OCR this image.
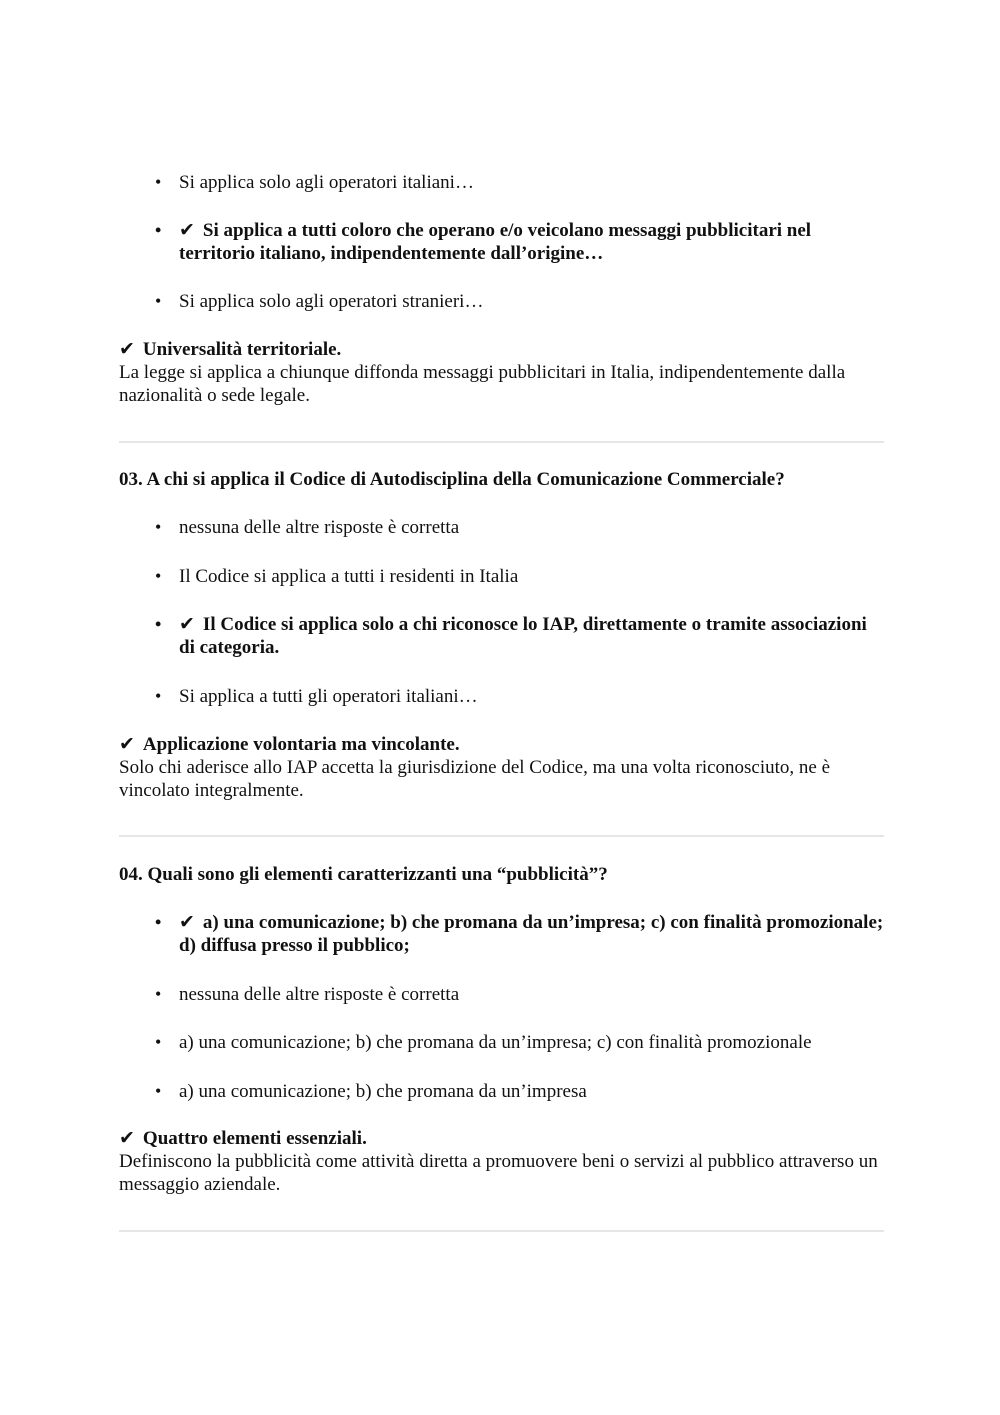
• Si applica solo agli operatori italiani…
• ✔ Si applica a tutti coloro che operano e/o veicolano messaggi pubblicitari nel territorio italiano, indipendentemente dall’origine…
• Si applica solo agli operatori stranieri…
✔ Universalità territoriale.
La legge si applica a chiunque diffonda messaggi pubblicitari in Italia, indipendentemente dalla nazionalità o sede legale.
03. A chi si applica il Codice di Autodisciplina della Comunicazione Commerciale?
• nessuna delle altre risposte è corretta
• Il Codice si applica a tutti i residenti in Italia
• ✔ Il Codice si applica solo a chi riconosce lo IAP, direttamente o tramite associazioni di categoria.
• Si applica a tutti gli operatori italiani…
✔ Applicazione volontaria ma vincolante.
Solo chi aderisce allo IAP accetta la giurisdizione del Codice, ma una volta riconosciuto, ne è vincolato integralmente.
04. Quali sono gli elementi caratterizzanti una “pubblicità”?
• ✔ a) una comunicazione; b) che promana da un’impresa; c) con finalità promozionale; d) diffusa presso il pubblico;
• nessuna delle altre risposte è corretta
• a) una comunicazione; b) che promana da un’impresa; c) con finalità promozionale
• a) una comunicazione; b) che promana da un’impresa
✔ Quattro elementi essenziali.
Definiscono la pubblicità come attività diretta a promuovere beni o servizi al pubblico attraverso un messaggio aziendale.
